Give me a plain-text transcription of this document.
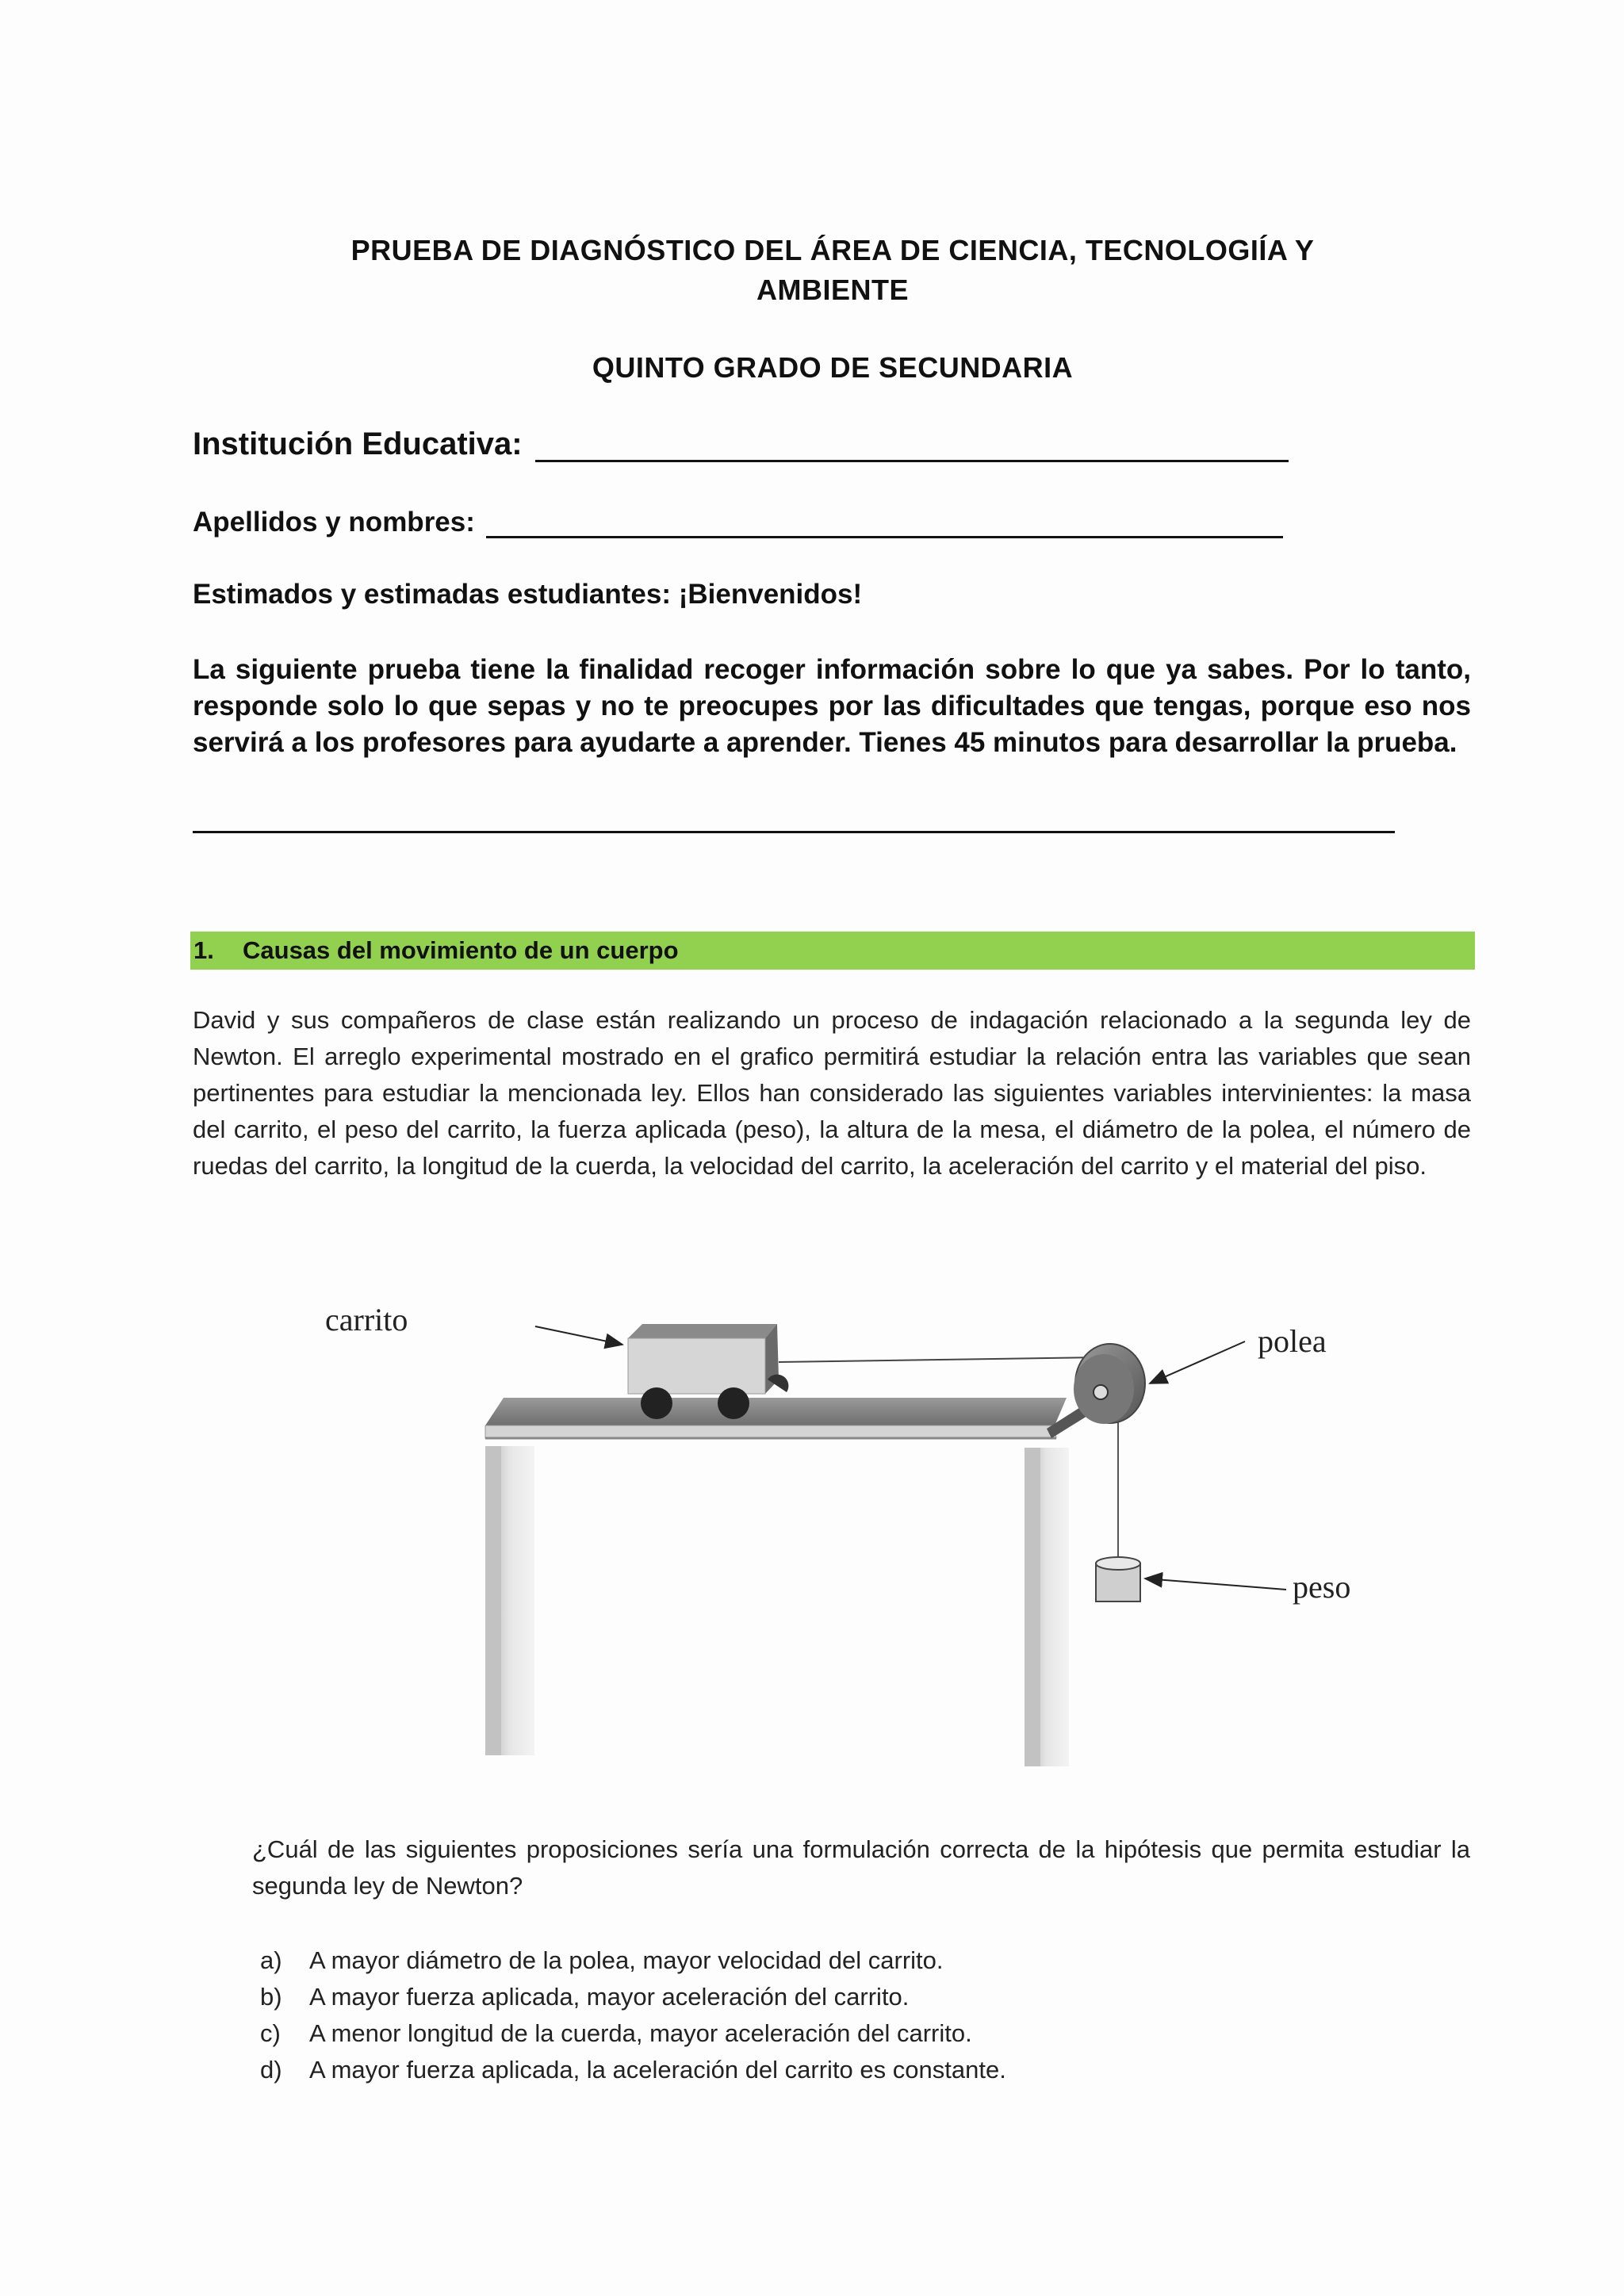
PRUEBA DE DIAGNÓSTICO DEL ÁREA DE CIENCIA, TECNOLOGIÍA Y
AMBIENTE
QUINTO GRADO DE SECUNDARIA
Institución Educativa:
Apellidos y nombres:

Estimados y estimadas estudiantes: ¡Bienvenidos!

La siguiente prueba tiene la finalidad recoger información sobre lo que ya sabes. Por lo tanto, responde solo lo que sepas y no te preocupes por las dificultades que tengas, porque eso nos servirá a los profesores para ayudarte a aprender. Tienes 45 minutos para desarrollar la prueba.

1. Causas del movimiento de un cuerpo

David y sus compañeros de clase están realizando un proceso de indagación relacionado a la segunda ley de Newton. El arreglo experimental mostrado en el grafico permitirá estudiar la relación entra las variables que sean pertinentes para estudiar la mencionada ley. Ellos han considerado las siguientes variables intervinientes: la masa del carrito, el peso del carrito, la fuerza aplicada (peso), la altura de la mesa, el diámetro de la polea, el número de ruedas del carrito, la longitud de la cuerda, la velocidad del carrito, la aceleración del carrito y el material del piso.

carrito
polea
peso

¿Cuál de las siguientes proposiciones sería una formulación correcta de la hipótesis que permita estudiar la segunda ley de Newton?

a) A mayor diámetro de la polea, mayor velocidad del carrito.
b) A mayor fuerza aplicada, mayor aceleración del carrito.
c) A menor longitud de la cuerda, mayor aceleración del carrito.
d) A mayor fuerza aplicada, la aceleración del carrito es constante.
